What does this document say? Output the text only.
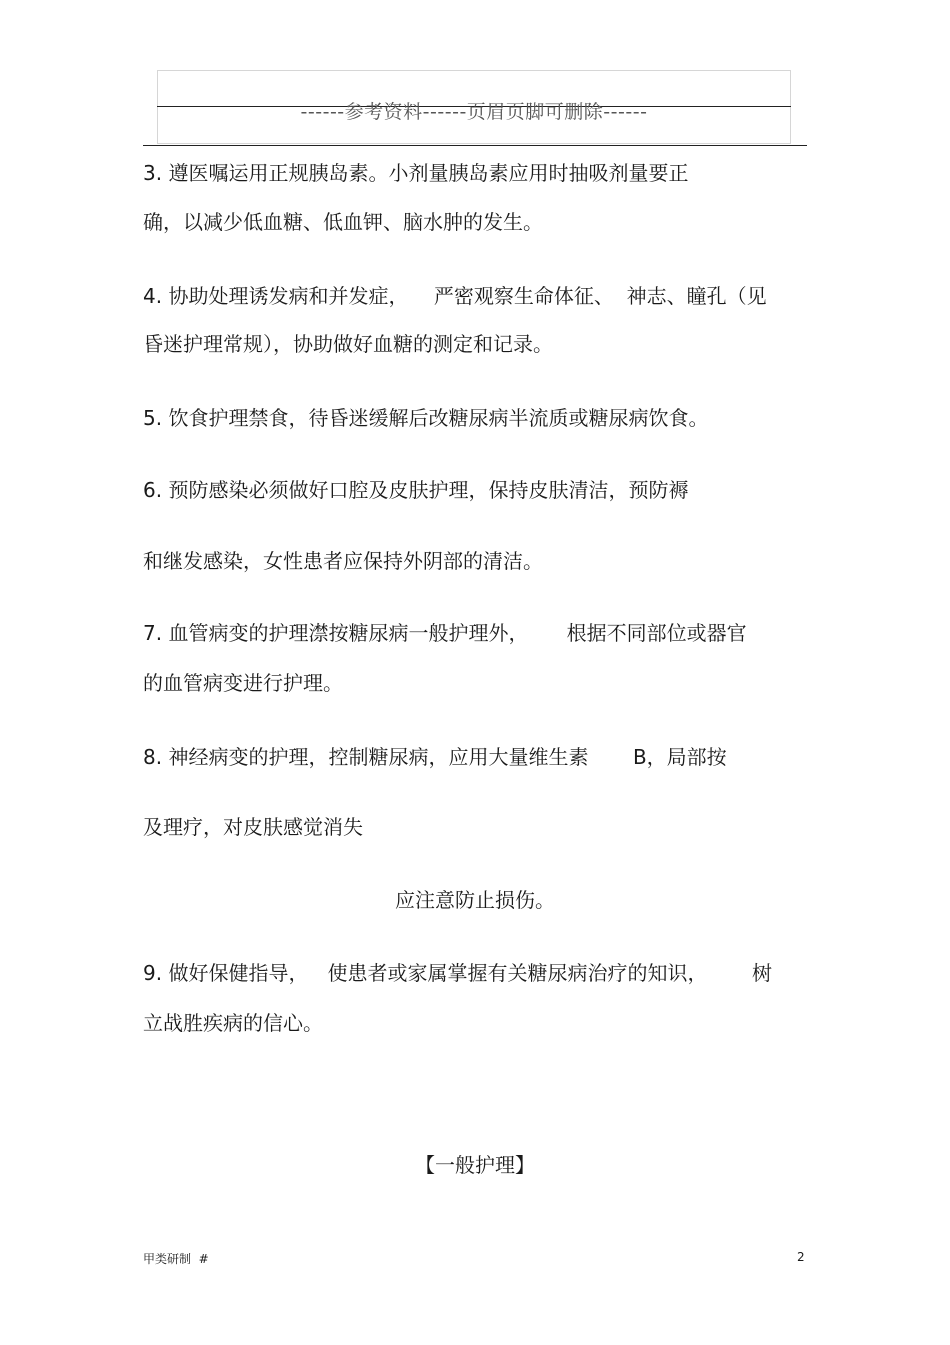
------参考资料------页眉页脚可删除------
3. 遵医嘱运用正规胰岛素。小剂量胰岛素应用时抽吸剂量要正
确，以减少低血糖、低血钾、脑水肿的发生。
4. 协助处理诱发病和并发症，    严密观察生命体征、  神志、瞳孔（见
昏迷护理常规），协助做好血糖的测定和记录。
5. 饮食护理禁食，待昏迷缓解后改糖尿病半流质或糖尿病饮食。
6. 预防感染必须做好口腔及皮肤护理，保持皮肤清洁，预防褥
和继发感染，女性患者应保持外阴部的清洁。
7. 血管病变的护理澿按糖尿病一般护理外，      根据不同部位或器官
的血管病变进行护理。
8. 神经病变的护理，控制糖尿病，应用大量维生素       B，局部按
及理疗，对皮肤感觉消失
应注意防止损伤。
9. 做好保健指导，   使患者或家属掌握有关糖尿病治疗的知识，       树
立战胜疾病的信心。
【一般护理】
甲类研制  #	2
